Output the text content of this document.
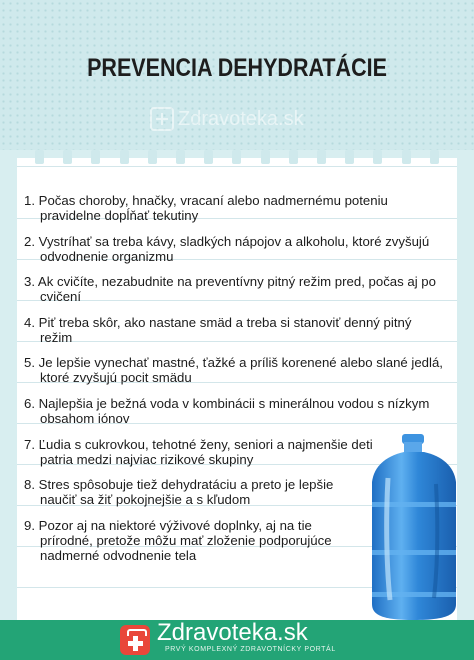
PREVENCIA DEHYDRATÁCIE
Zdravoteka.sk
1. Počas choroby, hnačky, vracaní alebo nadmernému poteniu
pravidelne dopĺňať tekutiny
2. Vystríhať sa treba kávy, sladkých nápojov a alkoholu, ktoré zvyšujú
odvodnenie organizmu
3. Ak cvičíte, nezabudnite na preventívny pitný režim pred, počas aj po
cvičení
4. Piť treba skôr, ako nastane smäd a treba si stanoviť denný pitný
režim
5. Je lepšie vynechať mastné, ťažké a príliš korenené alebo slané jedlá,
ktoré zvyšujú pocit smädu
6. Najlepšia je bežná voda v kombinácii s minerálnou vodou s nízkym
obsahom iónov
7. Ľudia s cukrovkou, tehotné ženy, seniori a najmenšie deti
patria medzi najviac rizikové skupiny
8. Stres spôsobuje tiež dehydratáciu a preto je lepšie
naučiť sa žiť pokojnejšie a s kľudom
9. Pozor aj na niektoré výživové doplnky, aj na tie
prírodné, pretože môžu mať zloženie podporujúce
nadmerné odvodnenie tela
Zdravoteka.sk
PRVÝ KOMPLEXNÝ ZDRAVOTNÍCKY PORTÁL
